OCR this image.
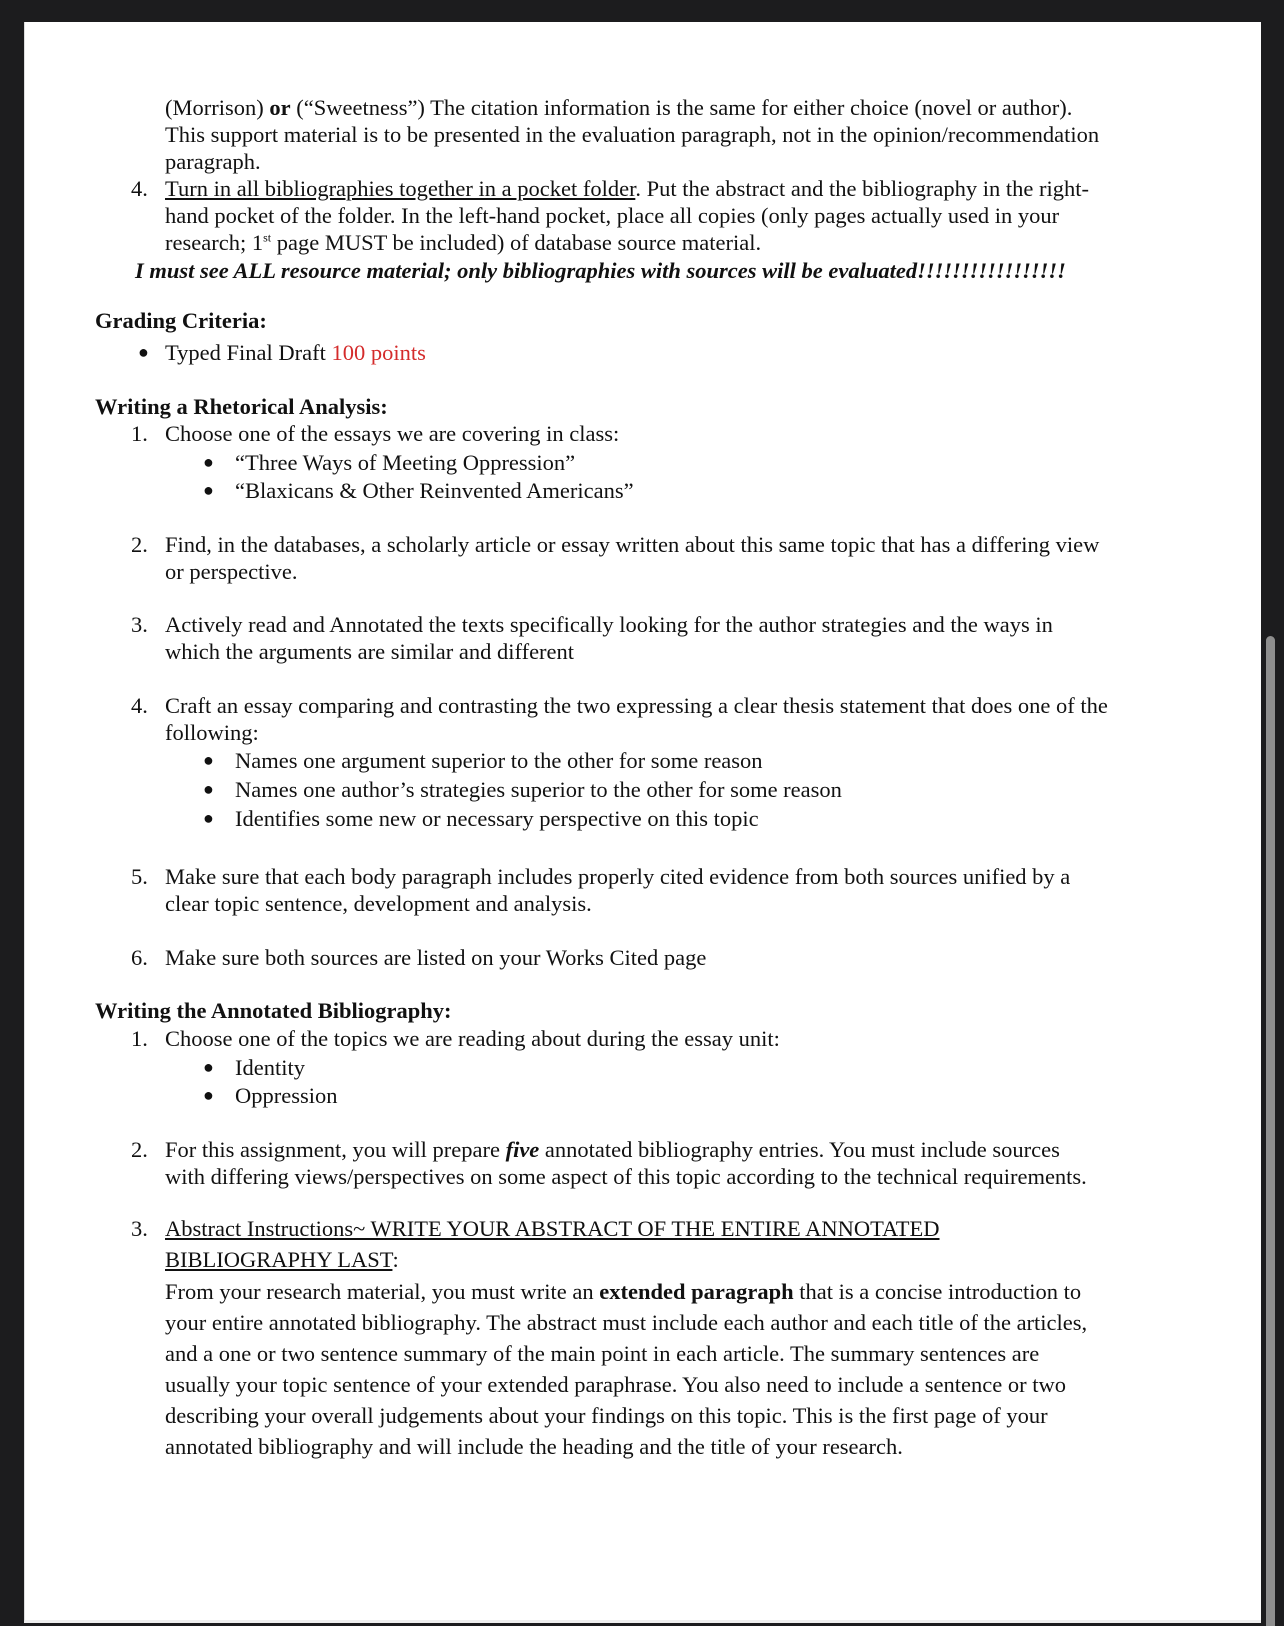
(Morrison) or (“Sweetness”) The citation information is the same for either choice (novel or author).
This support material is to be presented in the evaluation paragraph, not in the opinion/recommendation
paragraph.
4. Turn in all bibliographies together in a pocket folder. Put the abstract and the bibliography in the right-
hand pocket of the folder. In the left-hand pocket, place all copies (only pages actually used in your
research; 1st page MUST be included) of database source material.
I must see ALL resource material; only bibliographies with sources will be evaluated!!!!!!!!!!!!!!!!!
Grading Criteria:
● Typed Final Draft 100 points
Writing a Rhetorical Analysis:
1. Choose one of the essays we are covering in class:
● “Three Ways of Meeting Oppression”
● “Blaxicans & Other Reinvented Americans”
2. Find, in the databases, a scholarly article or essay written about this same topic that has a differing view
or perspective.
3. Actively read and Annotated the texts specifically looking for the author strategies and the ways in
which the arguments are similar and different
4. Craft an essay comparing and contrasting the two expressing a clear thesis statement that does one of the
following:
● Names one argument superior to the other for some reason
● Names one author’s strategies superior to the other for some reason
● Identifies some new or necessary perspective on this topic
5. Make sure that each body paragraph includes properly cited evidence from both sources unified by a
clear topic sentence, development and analysis.
6. Make sure both sources are listed on your Works Cited page
Writing the Annotated Bibliography:
1. Choose one of the topics we are reading about during the essay unit:
● Identity
● Oppression
2. For this assignment, you will prepare five annotated bibliography entries. You must include sources
with differing views/perspectives on some aspect of this topic according to the technical requirements.
3. Abstract Instructions~ WRITE YOUR ABSTRACT OF THE ENTIRE ANNOTATED
BIBLIOGRAPHY LAST:
From your research material, you must write an extended paragraph that is a concise introduction to
your entire annotated bibliography. The abstract must include each author and each title of the articles,
and a one or two sentence summary of the main point in each article. The summary sentences are
usually your topic sentence of your extended paraphrase. You also need to include a sentence or two
describing your overall judgements about your findings on this topic. This is the first page of your
annotated bibliography and will include the heading and the title of your research.
